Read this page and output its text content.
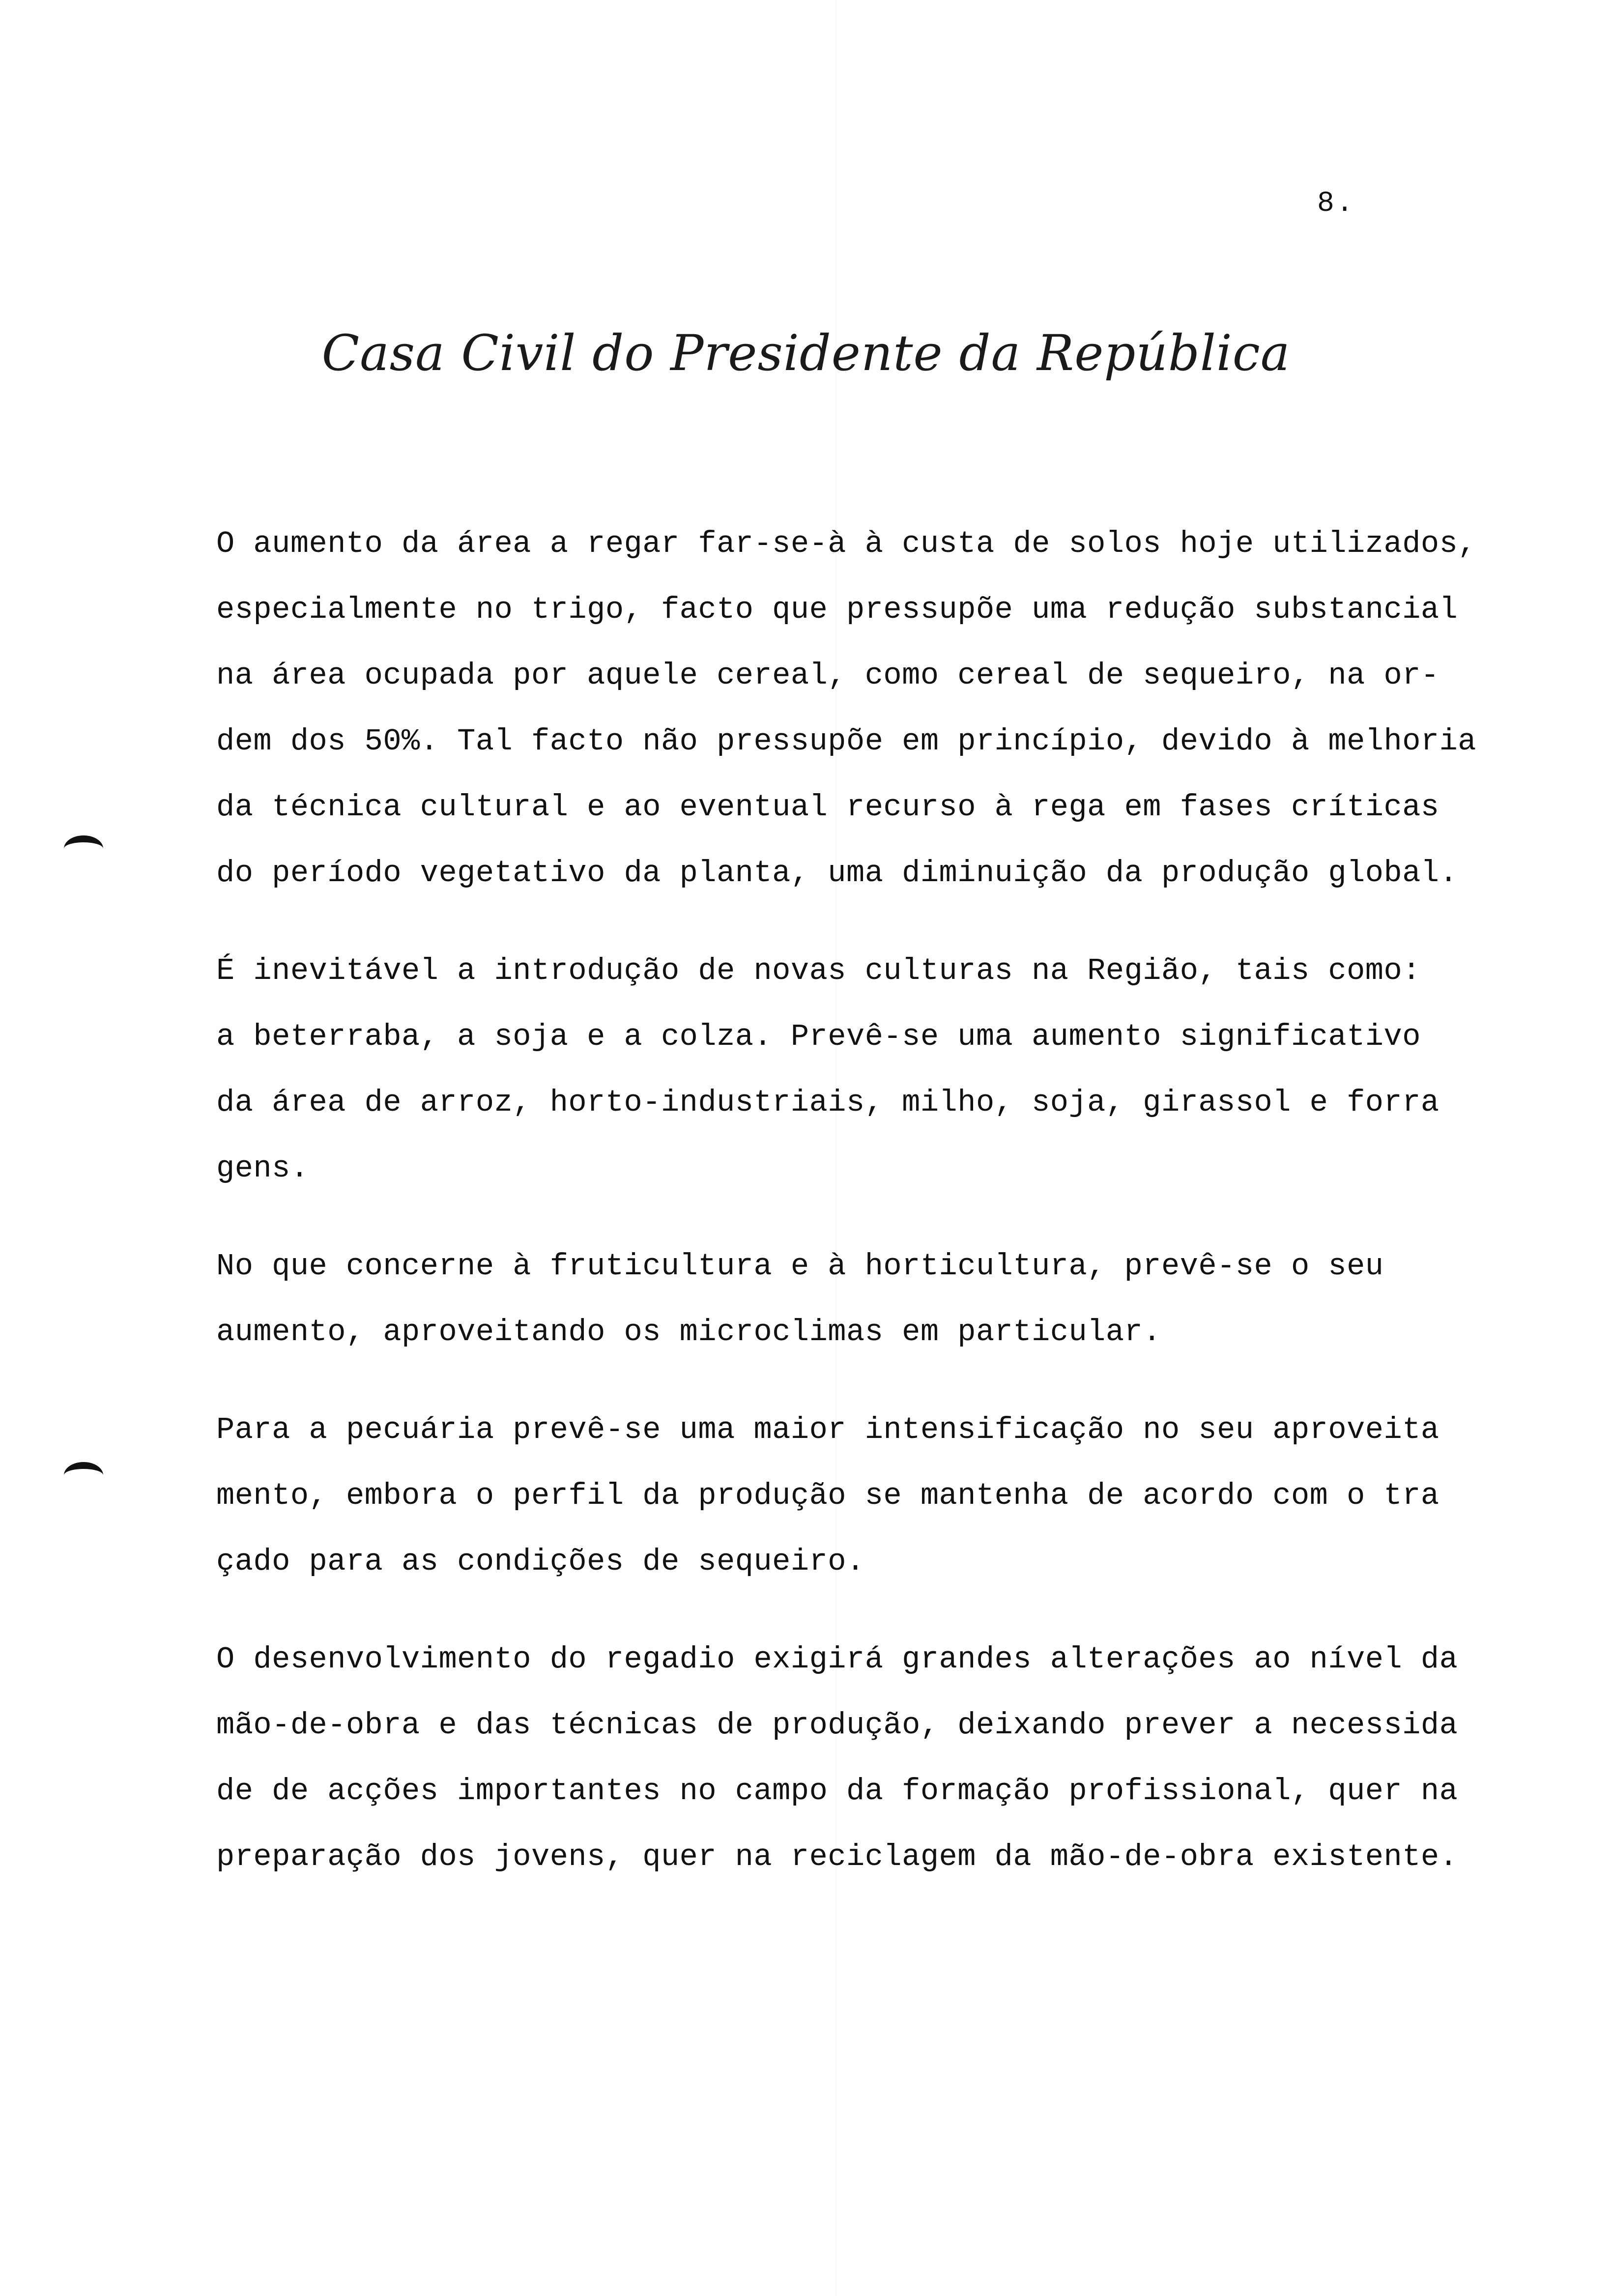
8.
Casa Civil do Presidente da República
O aumento da área a regar far-se-à à custa de solos hoje utilizados,
especialmente no trigo, facto que pressupõe uma redução substancial
na área ocupada por aquele cereal, como cereal de sequeiro, na or-
dem dos 50%. Tal facto não pressupõe em princípio, devido à melhoria
da técnica cultural e ao eventual recurso à rega em fases críticas
do período vegetativo da planta, uma diminuição da produção global.
É inevitável a introdução de novas culturas na Região, tais como:
a beterraba, a soja e a colza. Prevê-se uma aumento significativo
da área de arroz, horto-industriais, milho, soja, girassol e forra
gens.
No que concerne à fruticultura e à horticultura, prevê-se o seu
aumento, aproveitando os microclimas em particular.
Para a pecuária prevê-se uma maior intensificação no seu aproveita
mento, embora o perfil da produção se mantenha de acordo com o tra
çado para as condições de sequeiro.
O desenvolvimento do regadio exigirá grandes alterações ao nível da
mão-de-obra e das técnicas de produção, deixando prever a necessida
de de acções importantes no campo da formação profissional, quer na
preparação dos jovens, quer na reciclagem da mão-de-obra existente.
